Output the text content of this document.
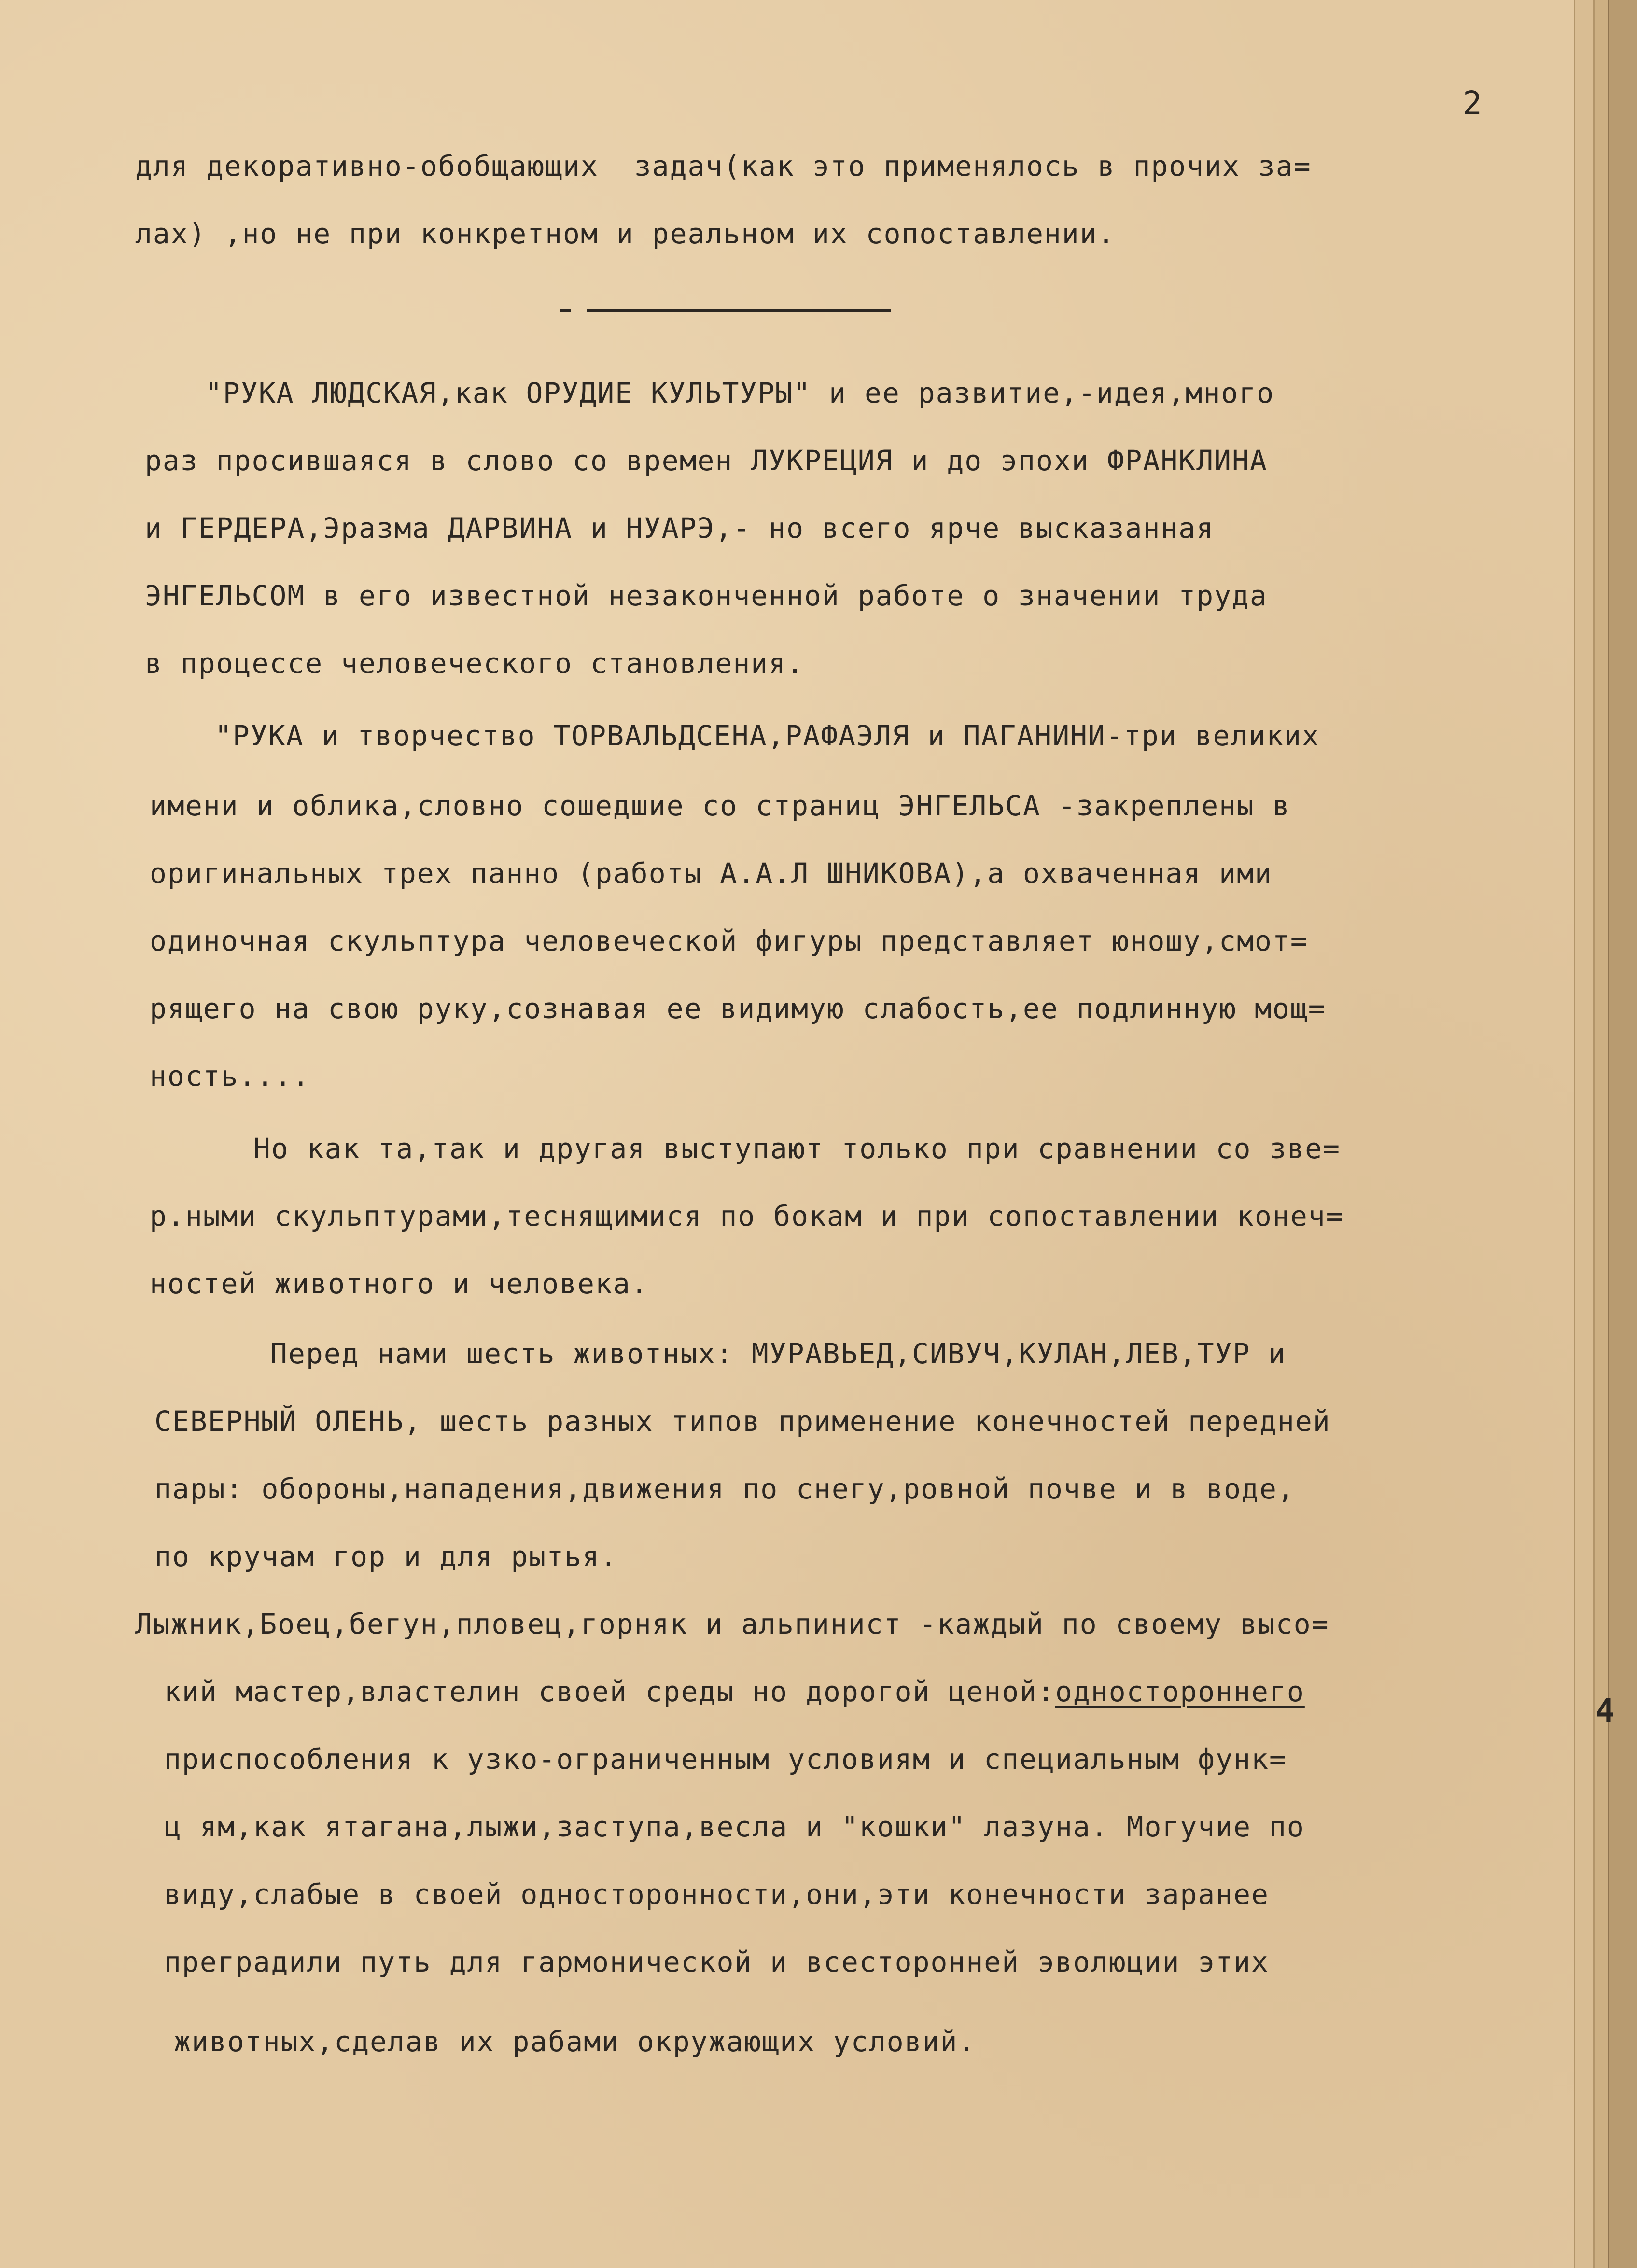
2
для декоративно-обобщающих  задач(как это применялось в прочих за=
лах) ,но не при конкретном и реальном их сопоставлении.
"РУКА ЛЮДСКАЯ,как ОРУДИЕ КУЛЬТУРЫ" и ее развитие,-идея,много
раз просившаяся в слово со времен ЛУКРЕЦИЯ и до эпохи ФРАНКЛИНА
и ГЕРДЕРА,Эразма ДАРВИНА и НУАРЭ,- но всего ярче высказанная
ЭНГЕЛЬСОМ в его известной незаконченной работе о значении труда
в процессе человеческого становления.
"РУКА и творчество ТОРВАЛЬДСЕНА,РАФАЭЛЯ и ПАГАНИНИ-три великих
имени и облика,словно сошедшие со страниц ЭНГЕЛЬСА -закреплены в
оригинальных трех панно (работы А.А.Л ШНИКОВА),а охваченная ими
одиночная скульптура человеческой фигуры представляет юношу,смот=
рящего на свою руку,сознавая ее видимую слабость,ее подлинную мощ=
ность....
Но как та,так и другая выступают только при сравнении со зве=
р.ными скульптурами,теснящимися по бокам и при сопоставлении конеч=
ностей животного и человека.
Перед нами шесть животных: МУРАВЬЕД,СИВУЧ,КУЛАН,ЛЕВ,ТУР и
СЕВЕРНЫЙ ОЛЕНЬ, шесть разных типов применение конечностей передней
пары: обороны,нападения,движения по снегу,ровной почве и в воде,
по кручам гор и для рытья.
Лыжник,Боец,бегун,пловец,горняк и альпинист -каждый по своему высо=
кий мастер,властелин своей среды но дорогой ценой:одностороннего
приспособления к узко-ограниченным условиям и специальным функ=
ц ям,как ятагана,лыжи,заступа,весла и "кошки" лазуна. Могучие по
виду,слабые в своей односторонности,они,эти конечности заранее
преградили путь для гармонической и всесторонней эволюции этих
животных,сделав их рабами окружающих условий.
4
